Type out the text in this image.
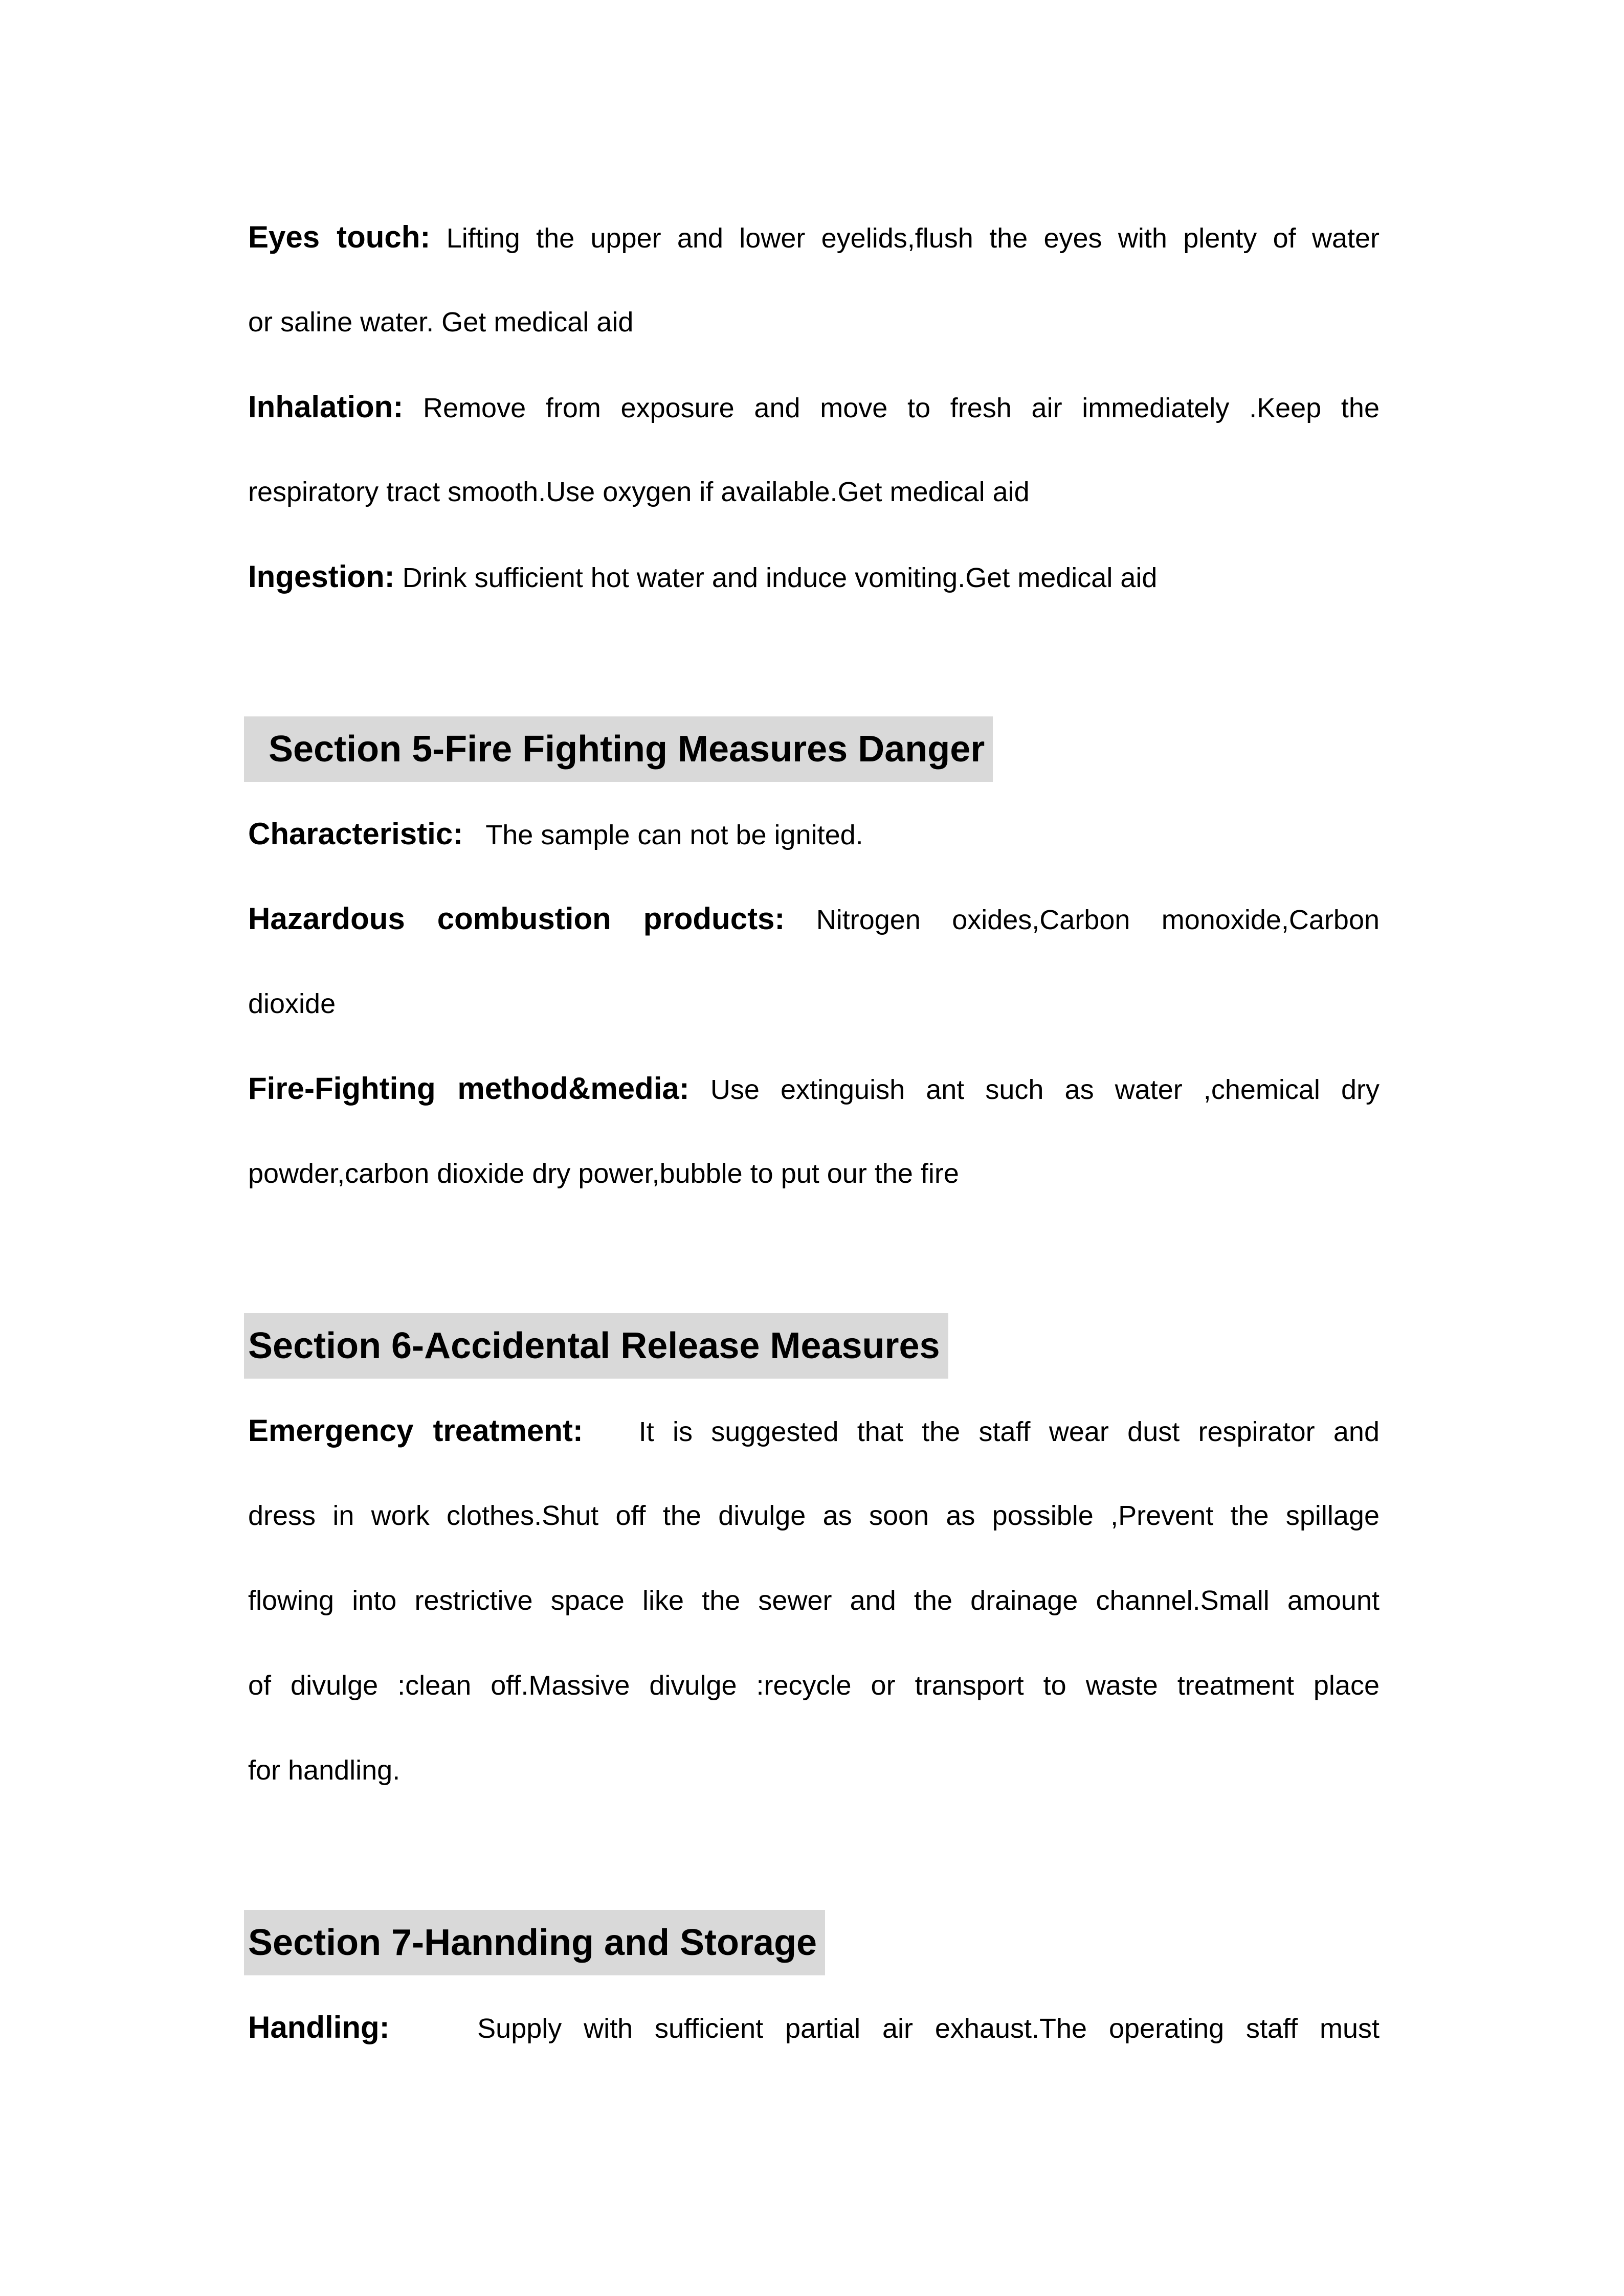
Eyes touch: Lifting the upper and lower eyelids,flush the eyes with plenty of water
or saline water. Get medical aid
Inhalation: Remove from exposure and move to fresh air immediately .Keep the
respiratory tract smooth.Use oxygen if available.Get medical aid
Ingestion: Drink sufficient hot water and induce vomiting.Get medical aid
Section 5-Fire Fighting Measures Danger
Characteristic:   The sample can not be ignited.
Hazardous combustion products: Nitrogen oxides,Carbon monoxide,Carbon
dioxide
Fire-Fighting method&media: Use extinguish ant such as water ,chemical dry
powder,carbon dioxide dry power,bubble to put our the fire
Section 6-Accidental Release Measures
Emergency treatment:   It is suggested that the staff wear dust respirator and
dress in work clothes.Shut off the divulge as soon as possible ,Prevent the spillage
flowing into restrictive space like the sewer and the drainage channel.Small amount
of divulge :clean off.Massive divulge :recycle or transport to waste treatment place
for handling.
Section 7-Hannding and Storage
Handling:    Supply with sufficient partial air exhaust.The operating staff must
